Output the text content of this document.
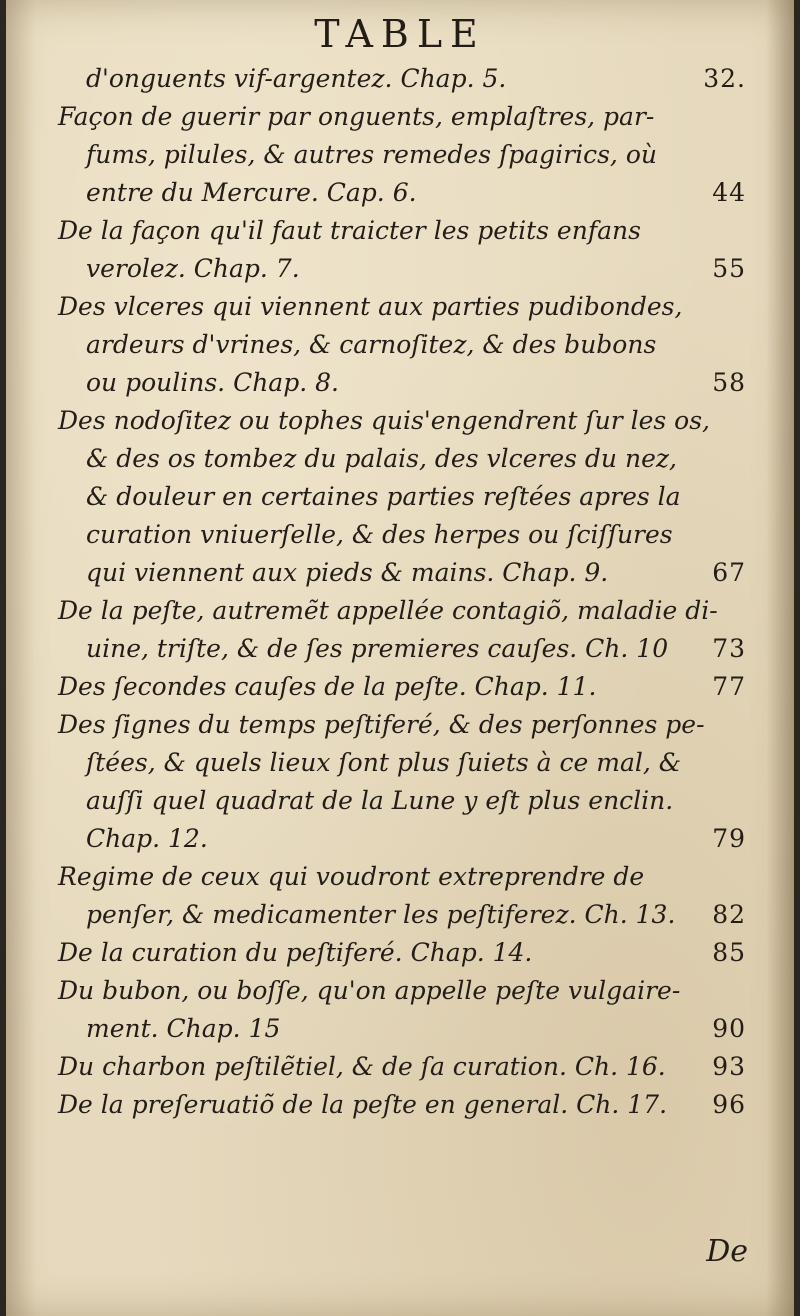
TABLE
d'onguents vif-argentez. Chap. 5.	32.
Façon de guerir par onguents, emplaſtres, par-
fums, pilules, & autres remedes ſpagirics, où
entre du Mercure. Cap. 6.	44
De la façon qu'il faut traicter les petits enfans
verolez. Chap. 7.	55
Des vlceres qui viennent aux parties pudibondes,
ardeurs d'vrines, & carnoſitez, & des bubons
ou poulins. Chap. 8.	58
Des nodoſitez ou tophes quis'engendrent ſur les os,
& des os tombez du palais, des vlceres du nez,
& douleur en certaines parties reſtées apres la
curation vniuerſelle, & des herpes ou ſciſſures
qui viennent aux pieds & mains. Chap. 9.	67
De la peſte, autremẽt appellée contagiõ, maladie di-
uine, triſte, & de ſes premieres cauſes. Ch. 10	73
Des ſecondes cauſes de la peſte. Chap. 11.	77
Des ſignes du temps peſtiferé, & des perſonnes pe-
ſtées, & quels lieux ſont plus ſuiets à ce mal, &
auſſi quel quadrat de la Lune y eſt plus enclin.
Chap. 12.	79
Regime de ceux qui voudront extreprendre de
penſer, & medicamenter les peſtiferez. Ch. 13.	82
De la curation du peſtiferé. Chap. 14.	85
Du bubon, ou boſſe, qu'on appelle peſte vulgaire-
ment. Chap. 15	90
Du charbon peſtilẽtiel, & de ſa curation. Ch. 16.	93
De la preſeruatiõ de la peſte en general. Ch. 17.	96
De
